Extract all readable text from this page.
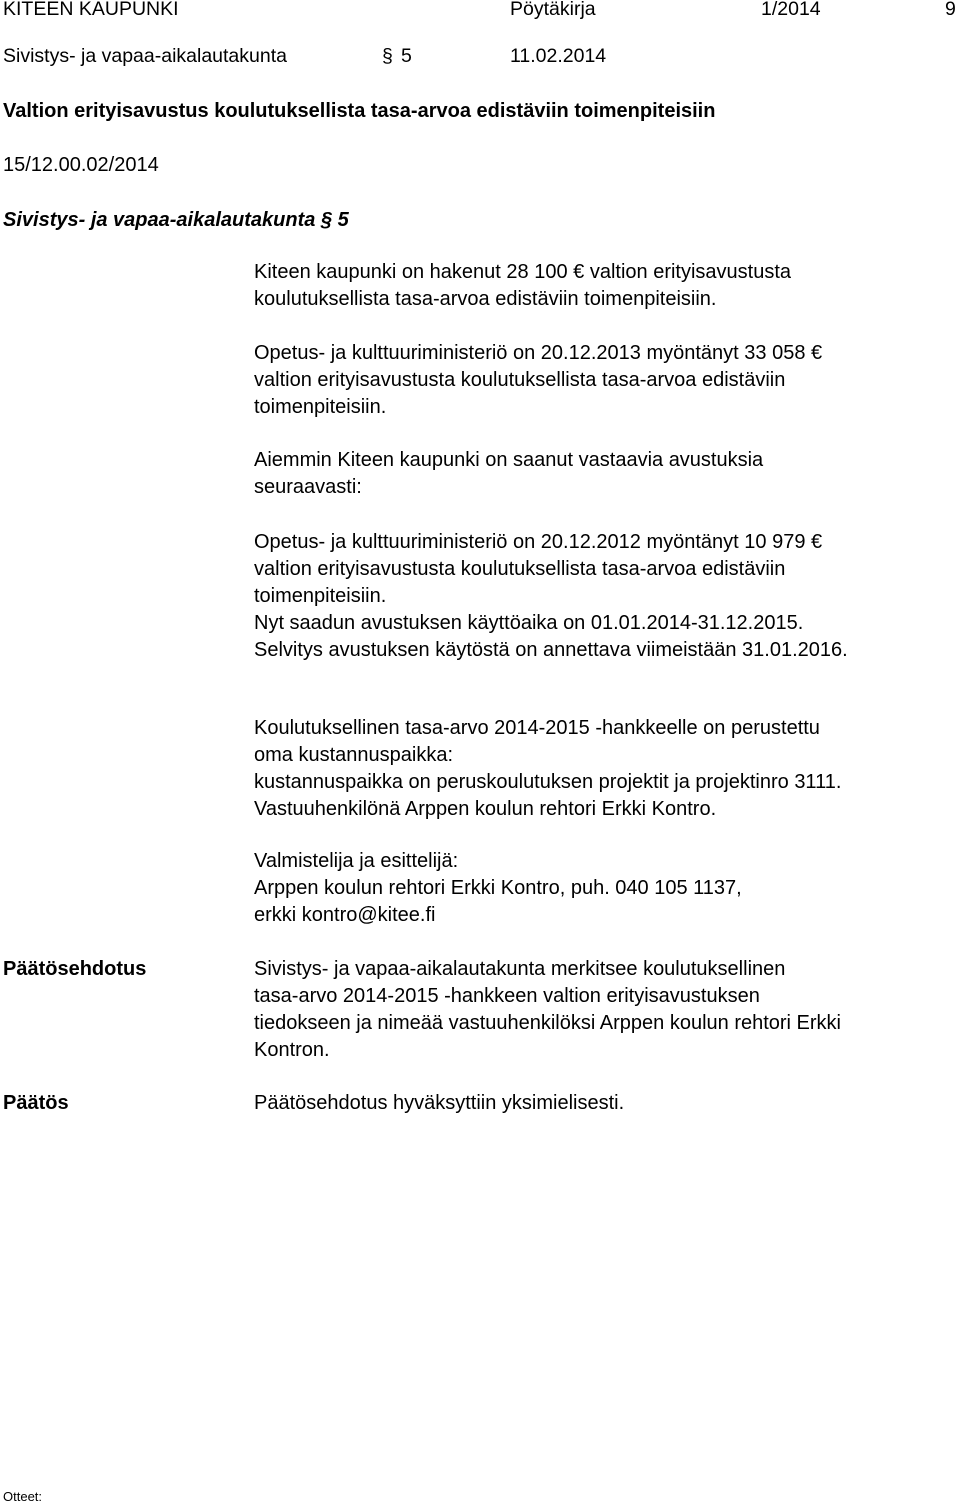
KITEEN KAUPUNKI	Pöytäkirja	1/2014	9
Sivistys- ja vapaa-aikalautakunta	§ 5	11.02.2014
Valtion erityisavustus koulutuksellista tasa-arvoa edistäviin toimenpiteisiin
15/12.00.02/2014
Sivistys- ja vapaa-aikalautakunta § 5
Kiteen kaupunki on hakenut 28 100 € valtion erityisavustusta
koulutuksellista tasa-arvoa edistäviin toimenpiteisiin.
Opetus- ja kulttuuriministeriö on 20.12.2013 myöntänyt 33 058 €
valtion erityisavustusta koulutuksellista tasa-arvoa edistäviin
toimenpiteisiin.
Aiemmin Kiteen kaupunki on saanut vastaavia avustuksia
seuraavasti:
Opetus- ja kulttuuriministeriö on 20.12.2012 myöntänyt 10 979 €
valtion erityisavustusta koulutuksellista tasa-arvoa edistäviin
toimenpiteisiin.
Nyt saadun avustuksen käyttöaika on 01.01.2014-31.12.2015.
Selvitys avustuksen käytöstä on annettava viimeistään 31.01.2016.
Koulutuksellinen tasa-arvo 2014-2015 -hankkeelle on perustettu
oma kustannuspaikka:
kustannuspaikka on peruskoulutuksen projektit ja projektinro 3111.
Vastuuhenkilönä Arppen koulun rehtori Erkki Kontro.
Valmistelija ja esittelijä:
Arppen koulun rehtori Erkki Kontro, puh. 040 105 1137,
erkki kontro@kitee.fi
Päätösehdotus	Sivistys- ja vapaa-aikalautakunta merkitsee koulutuksellinen
tasa-arvo 2014-2015 -hankkeen valtion erityisavustuksen
tiedokseen ja nimeää vastuuhenkilöksi Arppen koulun rehtori Erkki
Kontron.
Päätös	Päätösehdotus hyväksyttiin yksimielisesti.
Otteet:
